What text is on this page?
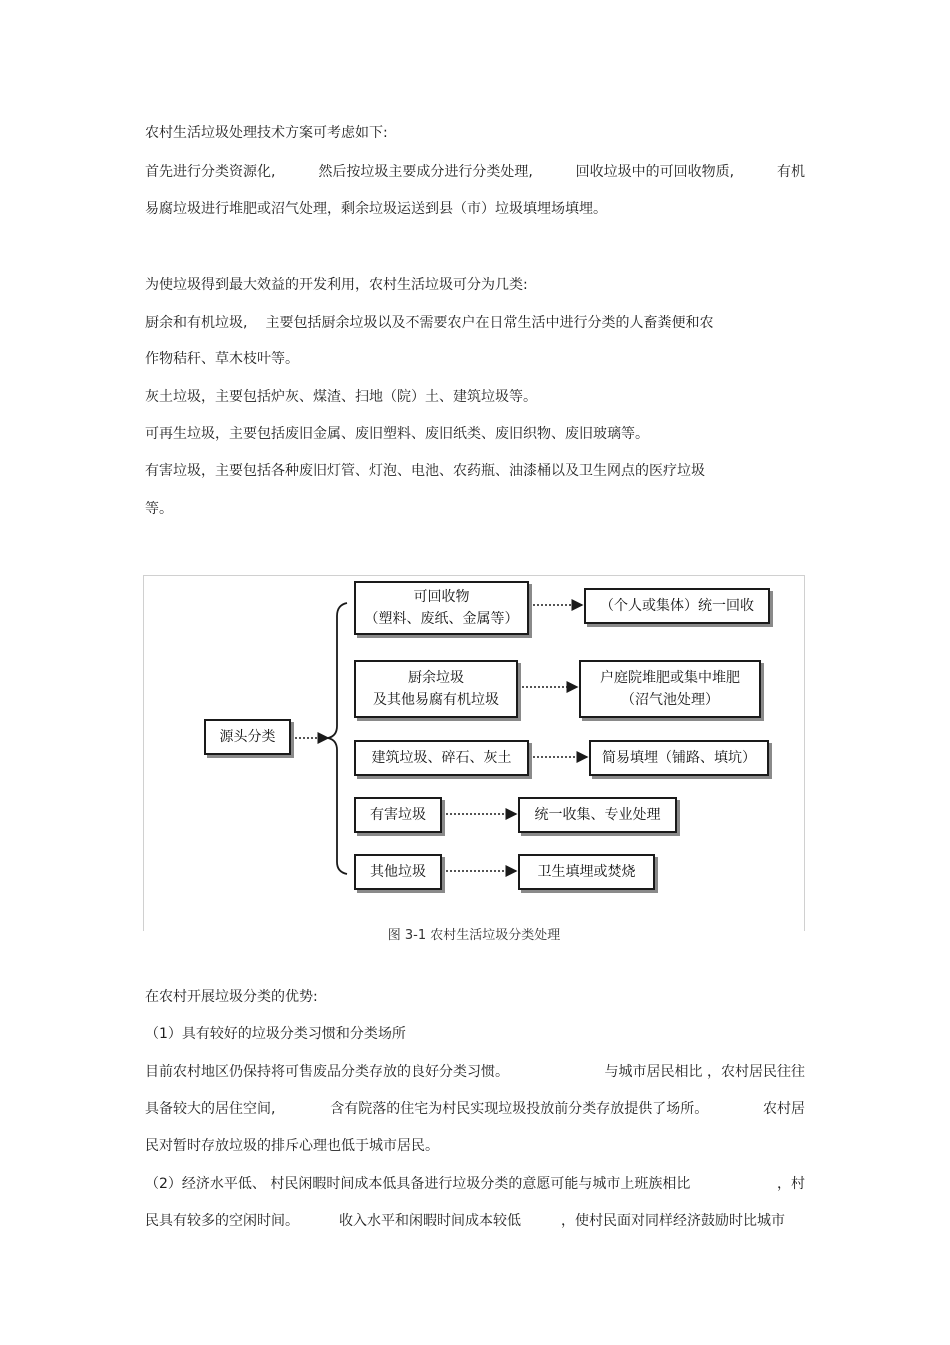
农村生活垃圾处理技术方案可考虑如下:
首先进行分类资源化,	然后按垃圾主要成分进行分类处理,	回收垃圾中的可回收物质,	有机
易腐垃圾进行堆肥或沼气处理，剩余垃圾运送到县（市）垃圾填埋场填埋。
为使垃圾得到最大效益的开发利用，农村生活垃圾可分为几类:
厨余和有机垃圾, 主要包括厨余垃圾以及不需要农户在日常生活中进行分类的人畜粪便和农
作物秸秆、草木枝叶等。
灰土垃圾，主要包括炉灰、煤渣、扫地（院）土、建筑垃圾等。
可再生垃圾，主要包括废旧金属、废旧塑料、废旧纸类、废旧织物、废旧玻璃等。
有害垃圾，主要包括各种废旧灯管、灯泡、电池、农药瓶、油漆桶以及卫生网点的医疗垃圾
等。
源头分类
可回收物
（塑料、废纸、金属等）
（个人或集体）统一回收
厨余垃圾
及其他易腐有机垃圾
户庭院堆肥或集中堆肥
（沼气池处理）
建筑垃圾、碎石、灰土	简易填埋（铺路、填坑）
有害垃圾	统一收集、专业处理
其他垃圾	卫生填埋或焚烧
图 3-1 农村生活垃圾分类处理
在农村开展垃圾分类的优势:
（1）具有较好的垃圾分类习惯和分类场所
目前农村地区仍保持将可售废品分类存放的良好分类习惯。	与城市居民相比 ，农村居民往往
具备较大的居住空间,	含有院落的住宅为村民实现垃圾投放前分类存放提供了场所。	农村居
民对暂时存放垃圾的排斥心理也低于城市居民。
（2）经济水平低、 村民闲暇时间成本低具备进行垃圾分类的意愿可能与城市上班族相比	，村
民具有较多的空闲时间。	收入水平和闲暇时间成本较低	，使村民面对同样经济鼓励时比城市
